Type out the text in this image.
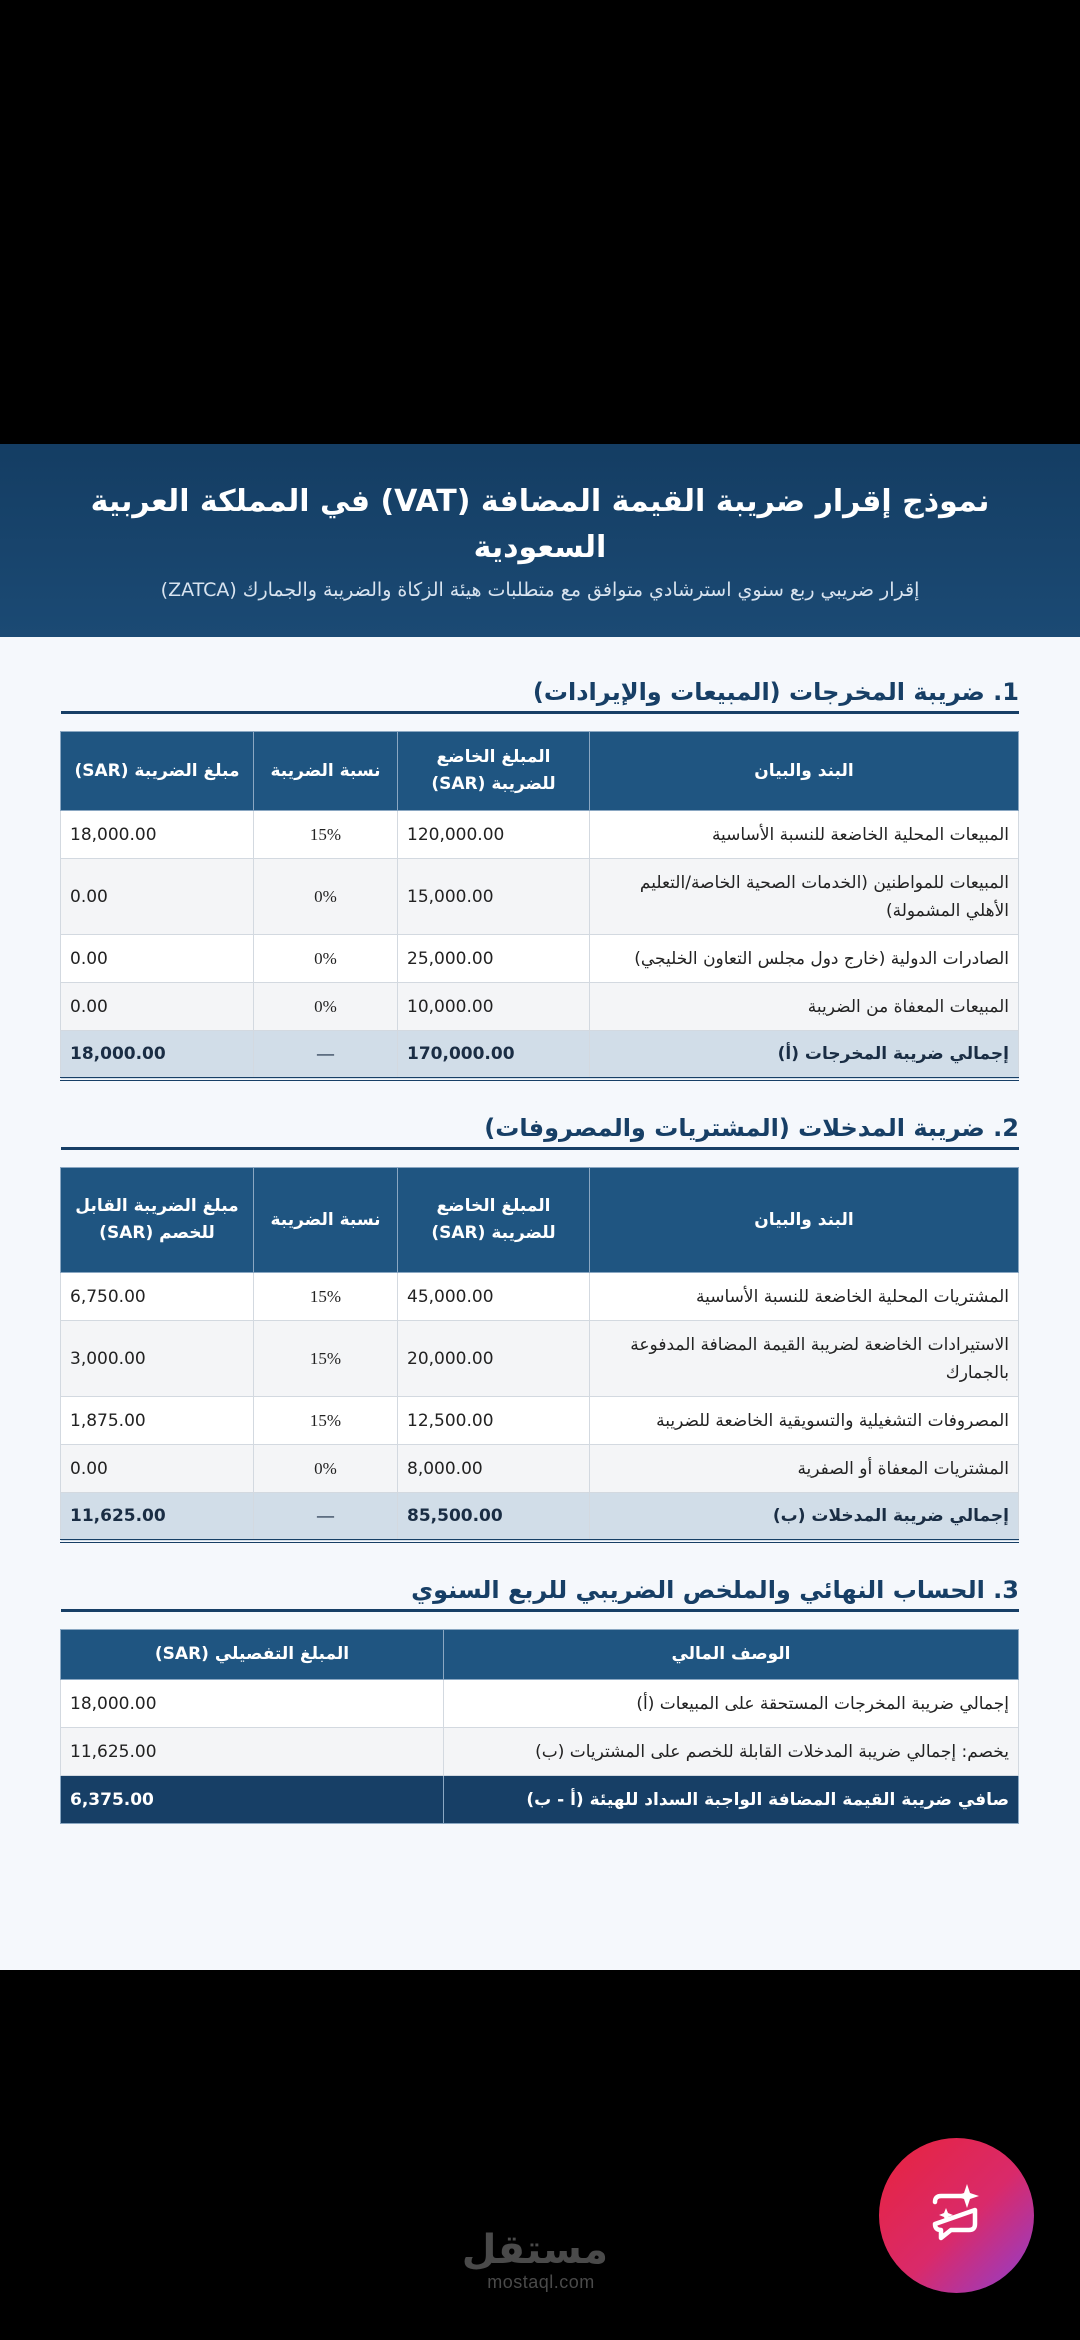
نموذج إقرار ضريبة القيمة المضافة (VAT) في المملكة العربية السعودية
إقرار ضريبي ربع سنوي استرشادي متوافق مع متطلبات هيئة الزكاة والضريبة والجمارك (ZATCA)
1. ضريبة المخرجات (المبيعات والإيرادات)
البند والبيان	المبلغ الخاضع للضريبة (SAR)	نسبة الضريبة	مبلغ الضريبة (SAR)
المبيعات المحلية الخاضعة للنسبة الأساسية	120,000.00	15%	18,000.00
المبيعات للمواطنين (الخدمات الصحية الخاصة/التعليم الأهلي المشمولة)	15,000.00	0%	0.00
الصادرات الدولية (خارج دول مجلس التعاون الخليجي)	25,000.00	0%	0.00
المبيعات المعفاة من الضريبة	10,000.00	0%	0.00
إجمالي ضريبة المخرجات (أ)	170,000.00	—	18,000.00
2. ضريبة المدخلات (المشتريات والمصروفات)
البند والبيان	المبلغ الخاضع للضريبة (SAR)	نسبة الضريبة	مبلغ الضريبة القابل للخصم (SAR)
المشتريات المحلية الخاضعة للنسبة الأساسية	45,000.00	15%	6,750.00
الاستيرادات الخاضعة لضريبة القيمة المضافة المدفوعة بالجمارك	20,000.00	15%	3,000.00
المصروفات التشغيلية والتسويقية الخاضعة للضريبة	12,500.00	15%	1,875.00
المشتريات المعفاة أو الصفرية	8,000.00	0%	0.00
إجمالي ضريبة المدخلات (ب)	85,500.00	—	11,625.00
3. الحساب النهائي والملخص الضريبي للربع السنوي
الوصف المالي	المبلغ التفصيلي (SAR)
إجمالي ضريبة المخرجات المستحقة على المبيعات (أ)	18,000.00
يخصم: إجمالي ضريبة المدخلات القابلة للخصم على المشتريات (ب)	11,625.00
صافي ضريبة القيمة المضافة الواجبة السداد للهيئة (أ - ب)	6,375.00
مستقل
mostaql.com
